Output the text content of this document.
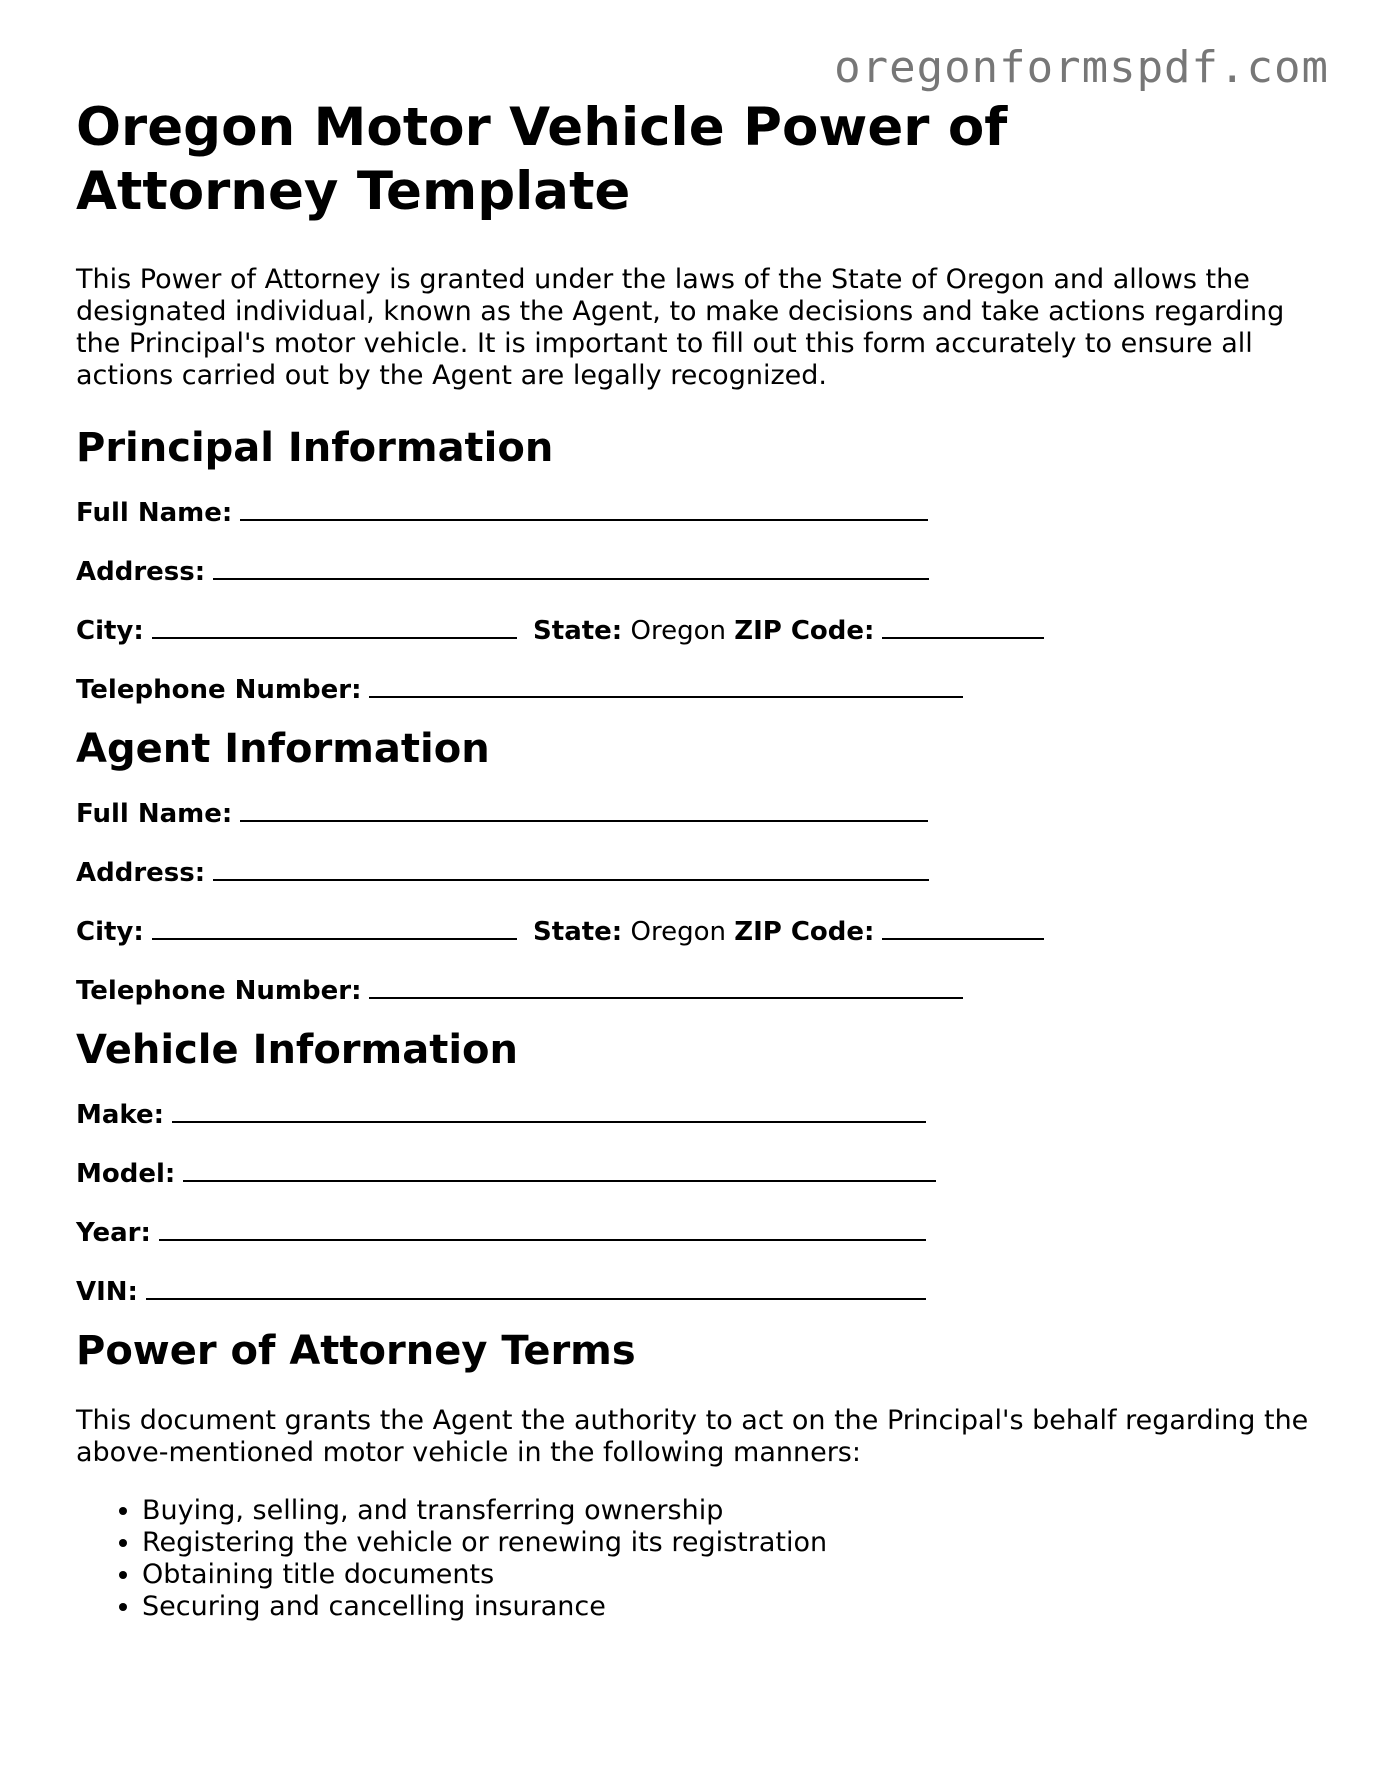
oregonformspdf.com
Oregon Motor Vehicle Power of Attorney Template

This Power of Attorney is granted under the laws of the State of Oregon and allows the designated individual, known as the Agent, to make decisions and take actions regarding the Principal's motor vehicle. It is important to fill out this form accurately to ensure all actions carried out by the Agent are legally recognized.

Principal Information
Full Name:
Address:
City:	State: Oregon ZIP Code:
Telephone Number:
Agent Information
Full Name:
Address:
City:	State: Oregon ZIP Code:
Telephone Number:
Vehicle Information
Make:
Model:
Year:
VIN:
Power of Attorney Terms

This document grants the Agent the authority to act on the Principal's behalf regarding the above-mentioned motor vehicle in the following manners:

• Buying, selling, and transferring ownership
• Registering the vehicle or renewing its registration
• Obtaining title documents
• Securing and cancelling insurance
